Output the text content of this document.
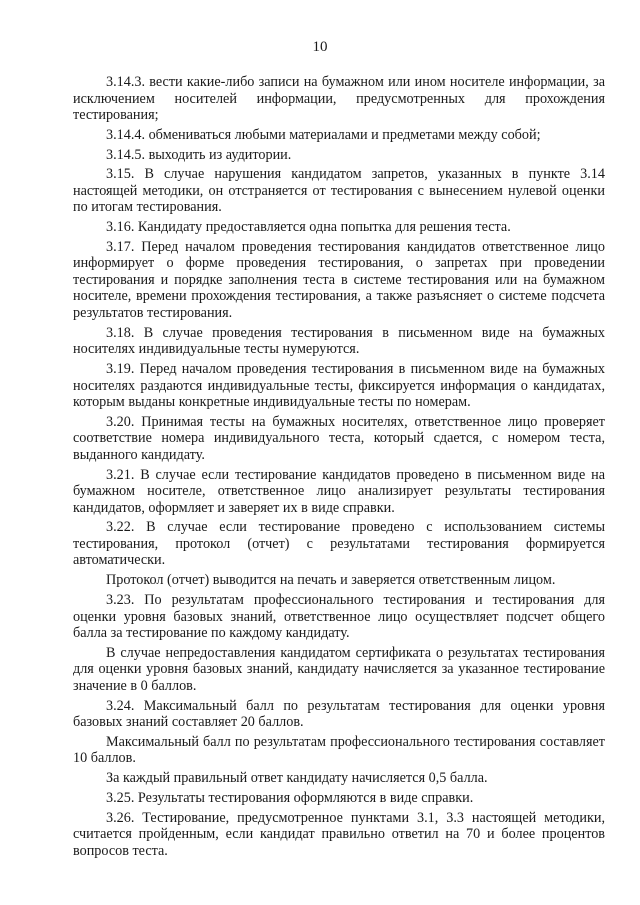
10

3.14.3. вести какие-либо записи на бумажном или ином носителе информации, за исключением носителей информации, предусмотренных для прохождения тестирования;

3.14.4. обмениваться любыми материалами и предметами между собой;

3.14.5. выходить из аудитории.

3.15. В случае нарушения кандидатом запретов, указанных в пункте 3.14 настоящей методики, он отстраняется от тестирования с вынесением нулевой оценки по итогам тестирования.

3.16. Кандидату предоставляется одна попытка для решения теста.

3.17. Перед началом проведения тестирования кандидатов ответственное лицо информирует о форме проведения тестирования, о запретах при проведении тестирования и порядке заполнения теста в системе тестирования или на бумажном носителе, времени прохождения тестирования, а также разъясняет о системе подсчета результатов тестирования.

3.18. В случае проведения тестирования в письменном виде на бумажных носителях индивидуальные тесты нумеруются.

3.19. Перед началом проведения тестирования в письменном виде на бумажных носителях раздаются индивидуальные тесты, фиксируется информация о кандидатах, которым выданы конкретные индивидуальные тесты по номерам.

3.20. Принимая тесты на бумажных носителях, ответственное лицо проверяет соответствие номера индивидуального теста, который сдается, с номером теста, выданного кандидату.

3.21. В случае если тестирование кандидатов проведено в письменном виде на бумажном носителе, ответственное лицо анализирует результаты тестирования кандидатов, оформляет и заверяет их в виде справки.

3.22. В случае если тестирование проведено с использованием системы тестирования, протокол (отчет) с результатами тестирования формируется автоматически.

Протокол (отчет) выводится на печать и заверяется ответственным лицом.

3.23. По результатам профессионального тестирования и тестирования для оценки уровня базовых знаний, ответственное лицо осуществляет подсчет общего балла за тестирование по каждому кандидату.

В случае непредоставления кандидатом сертификата о результатах тестирования для оценки уровня базовых знаний, кандидату начисляется за указанное тестирование значение в 0 баллов.

3.24. Максимальный балл по результатам тестирования для оценки уровня базовых знаний составляет 20 баллов.

Максимальный балл по результатам профессионального тестирования составляет 10 баллов.

За каждый правильный ответ кандидату начисляется 0,5 балла.

3.25. Результаты тестирования оформляются в виде справки.

3.26. Тестирование, предусмотренное пунктами 3.1, 3.3 настоящей методики, считается пройденным, если кандидат правильно ответил на 70 и более процентов вопросов теста.
